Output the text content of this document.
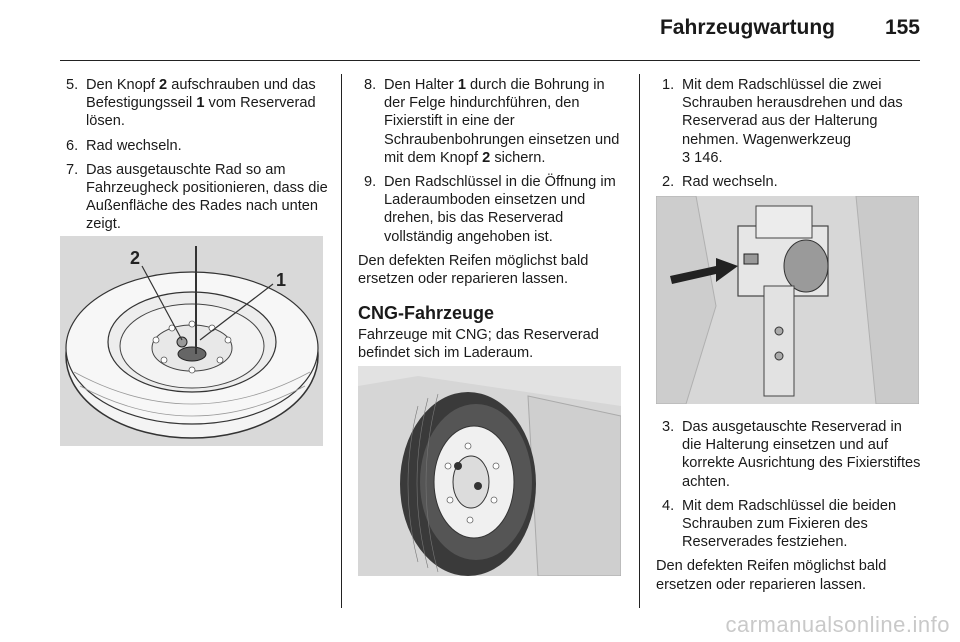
Fahrzeugwartung	155
5. Den Knopf 2 aufschrauben und das Befestigungsseil 1 vom Reserverad lösen.
6. Rad wechseln.
7. Das ausgetauschte Rad so am Fahrzeugheck positionieren, dass die Außenfläche des Rades nach unten zeigt.
2
1
8. Den Halter 1 durch die Bohrung in der Felge hindurchführen, den Fixierstift in eine der Schraubenbohrungen einsetzen und mit dem Knopf 2 sichern.
9. Den Radschlüssel in die Öffnung im Laderaumboden einsetzen und drehen, bis das Reserverad vollständig angehoben ist.

Den defekten Reifen möglichst bald ersetzen oder reparieren lassen.

CNG-Fahrzeuge

Fahrzeuge mit CNG; das Reserverad befindet sich im Laderaum.

1. Mit dem Radschlüssel die zwei Schrauben herausdrehen und das Reserverad aus der Halterung nehmen. Wagenwerkzeug
3 146.
2. Rad wechseln.
3. Das ausgetauschte Reserverad in die Halterung einsetzen und auf korrekte Ausrichtung des Fixierstiftes achten.
4. Mit dem Radschlüssel die beiden Schrauben zum Fixieren des Reserverades festziehen.

Den defekten Reifen möglichst bald ersetzen oder reparieren lassen.

carmanualsonline.info
